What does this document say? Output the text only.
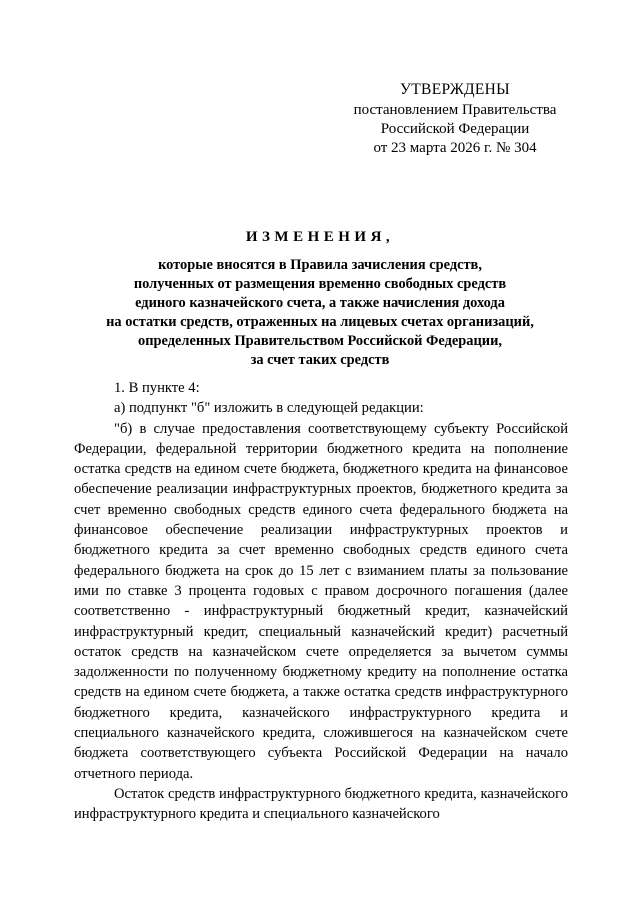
УТВЕРЖДЕНЫ
постановлением Правительства
Российской Федерации
от 23 марта 2026 г. № 304
ИЗМЕНЕНИЯ,
которые вносятся в Правила зачисления средств,
полученных от размещения временно свободных средств
единого казначейского счета, а также начисления дохода
на остатки средств, отраженных на лицевых счетах организаций,
определенных Правительством Российской Федерации,
за счет таких средств

1. В пункте 4:

а) подпункт "б" изложить в следующей редакции:

"б) в случае предоставления соответствующему субъекту Российской Федерации, федеральной территории бюджетного кредита на пополнение остатка средств на едином счете бюджета, бюджетного кредита на финансовое обеспечение реализации инфраструктурных проектов, бюджетного кредита за счет временно свободных средств единого счета федерального бюджета на финансовое обеспечение реализации инфраструктурных проектов и бюджетного кредита за счет временно свободных средств единого счета федерального бюджета на срок до 15 лет с взиманием платы за пользование ими по ставке 3 процента годовых с правом досрочного погашения (далее соответственно - инфраструктурный бюджетный кредит, казначейский инфраструктурный кредит, специальный казначейский кредит) расчетный остаток средств на казначейском счете определяется за вычетом суммы задолженности по полученному бюджетному кредиту на пополнение остатка средств на едином счете бюджета, а также остатка средств инфраструктурного бюджетного кредита, казначейского инфраструктурного кредита и специального казначейского кредита, сложившегося на казначейском счете бюджета соответствующего субъекта Российской Федерации на начало отчетного периода.

Остаток средств инфраструктурного бюджетного кредита, казначейского инфраструктурного кредита и специального казначейского
